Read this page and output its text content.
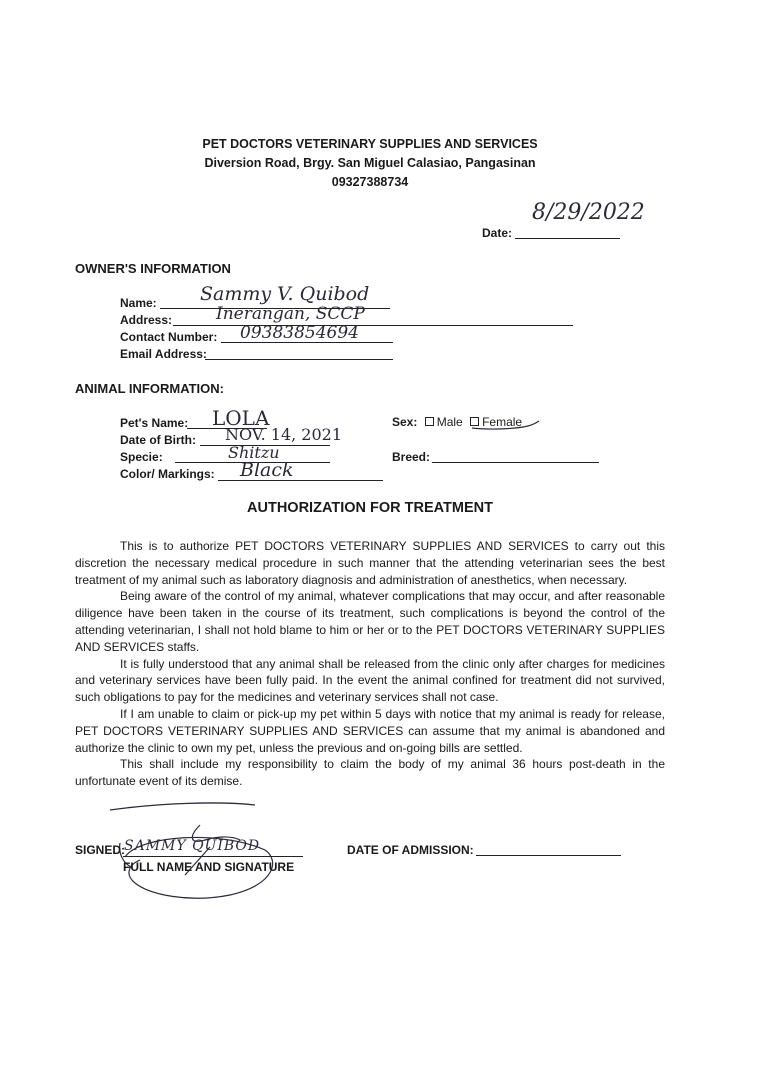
PET DOCTORS VETERINARY SUPPLIES AND SERVICES
Diversion Road, Brgy. San Miguel Calasiao, Pangasinan
09327388734
Date:
8/29/2022
OWNER'S INFORMATION
Name: Sammy V. Quibod
Address:	Inerangan, SCCP
Contact Number: 09383854694
Email Address:
ANIMAL INFORMATION:
Pet's Name: LOLA
Date of Birth: NOV. 14, 2021
Specie:	Shitzu
Color/ Markings: Black
Sex: Male Female
Breed:
AUTHORIZATION FOR TREATMENT

This is to authorize PET DOCTORS VETERINARY SUPPLIES AND SERVICES to carry out this discretion the necessary medical procedure in such manner that the attending veterinarian sees the best treatment of my animal such as laboratory diagnosis and administration of anesthetics, when necessary.

Being aware of the control of my animal, whatever complications that may occur, and after reasonable diligence have been taken in the course of its treatment, such complications is beyond the control of the attending veterinarian, I shall not hold blame to him or her or to the PET DOCTORS VETERINARY SUPPLIES AND SERVICES staffs.

It is fully understood that any animal shall be released from the clinic only after charges for medicines and veterinary services have been fully paid. In the event the animal confined for treatment did not survived, such obligations to pay for the medicines and veterinary services shall not case.

If I am unable to claim or pick-up my pet within 5 days with notice that my animal is ready for release, PET DOCTORS VETERINARY SUPPLIES AND SERVICES can assume that my animal is abandoned and authorize the clinic to own my pet, unless the previous and on-going bills are settled.

This shall include my responsibility to claim the body of my animal 36 hours post-death in the unfortunate event of its demise.

SIGNED:
SAMMY QUIBOD
FULL NAME AND SIGNATURE
DATE OF ADMISSION:
